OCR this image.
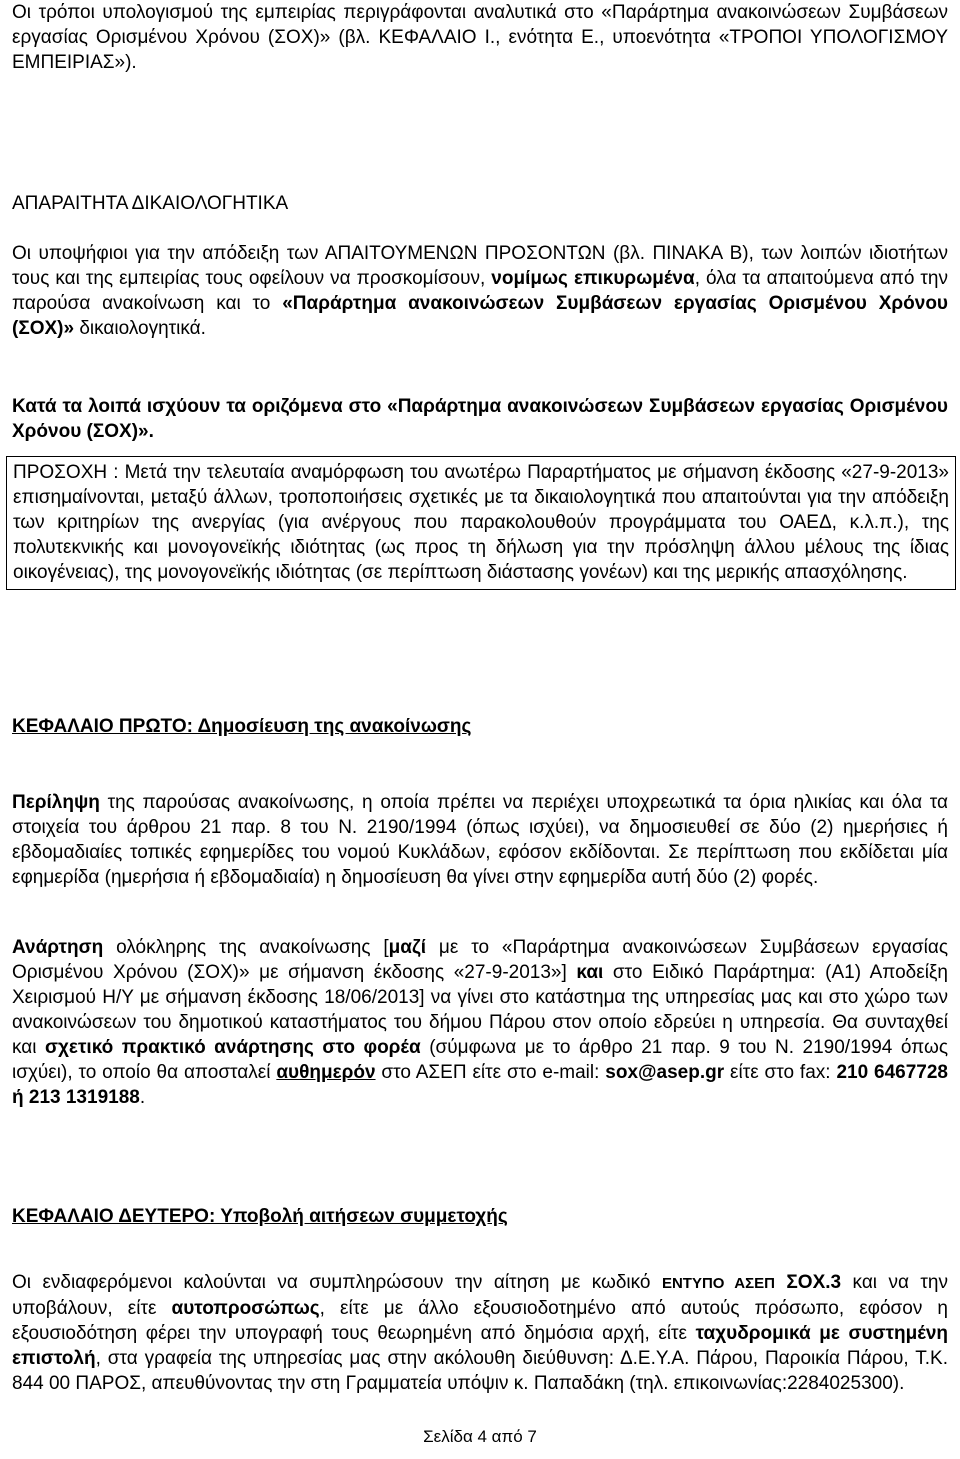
Οι τρόποι υπολογισμού της εμπειρίας περιγράφονται αναλυτικά στο «Παράρτημα ανακοινώσεων Συμβάσεων εργασίας Ορισμένου Χρόνου (ΣΟΧ)» (βλ. ΚΕΦΑΛΑΙΟ Ι., ενότητα Ε., υποενότητα «ΤΡΟΠΟΙ ΥΠΟΛΟΓΙΣΜΟΥ ΕΜΠΕΙΡΙΑΣ»).

ΑΠΑΡΑΙΤΗΤΑ ΔΙΚΑΙΟΛΟΓΗΤΙΚΑ

Οι υποψήφιοι για την απόδειξη των ΑΠΑΙΤΟΥΜΕΝΩΝ ΠΡΟΣΟΝΤΩΝ (βλ. ΠΙΝΑΚΑ Β), των λοιπών ιδιοτήτων τους και της εμπειρίας τους οφείλουν να προσκομίσουν, νομίμως επικυρωμένα, όλα τα απαιτούμενα από την παρούσα ανακοίνωση και το «Παράρτημα ανακοινώσεων Συμβάσεων εργασίας Ορισμένου Χρόνου (ΣΟΧ)» δικαιολογητικά.

Κατά τα λοιπά ισχύουν τα οριζόμενα στο «Παράρτημα ανακοινώσεων Συμβάσεων εργασίας Ορισμένου Χρόνου (ΣΟΧ)».

ΠΡΟΣΟΧΗ : Μετά την τελευταία αναμόρφωση του ανωτέρω Παραρτήματος με σήμανση έκδοσης «27-9-2013» επισημαίνονται, μεταξύ άλλων, τροποποιήσεις σχετικές με τα δικαιολογητικά που απαιτούνται για την απόδειξη των κριτηρίων της ανεργίας (για ανέργους που παρακολουθούν προγράμματα του ΟΑΕΔ, κ.λ.π.), της πολυτεκνικής και μονογονεϊκής ιδιότητας (ως προς τη δήλωση για την πρόσληψη άλλου μέλους της ίδιας οικογένειας), της μονογονεϊκής ιδιότητας (σε περίπτωση διάστασης γονέων) και της μερικής απασχόλησης.

ΚΕΦΑΛΑΙΟ ΠΡΩΤΟ: Δημοσίευση της ανακοίνωσης

Περίληψη της παρούσας ανακοίνωσης, η οποία πρέπει να περιέχει υποχρεωτικά τα όρια ηλικίας και όλα τα στοιχεία του άρθρου 21 παρ. 8 του Ν. 2190/1994 (όπως ισχύει), να δημοσιευθεί σε δύο (2) ημερήσιες ή εβδομαδιαίες τοπικές εφημερίδες του νομού Κυκλάδων, εφόσον εκδίδονται. Σε περίπτωση που εκδίδεται μία εφημερίδα (ημερήσια ή εβδομαδιαία) η δημοσίευση θα γίνει στην εφημερίδα αυτή δύο (2) φορές.

Ανάρτηση ολόκληρης της ανακοίνωσης [μαζί με το «Παράρτημα ανακοινώσεων Συμβάσεων εργασίας Ορισμένου Χρόνου (ΣΟΧ)» με σήμανση έκδοσης «27-9-2013»] και στο Ειδικό Παράρτημα: (Α1) Αποδείξη Χειρισμού Η/Υ με σήμανση έκδοσης 18/06/2013] να γίνει στο κατάστημα της υπηρεσίας μας και στο χώρο των ανακοινώσεων του δημοτικού καταστήματος του δήμου Πάρου στον οποίο εδρεύει η υπηρεσία. Θα συνταχθεί και σχετικό πρακτικό ανάρτησης στο φορέα (σύμφωνα με το άρθρο 21 παρ. 9 του Ν. 2190/1994 όπως ισχύει), το οποίο θα αποσταλεί αυθημερόν στο ΑΣΕΠ είτε στο e-mail: sox@asep.gr είτε στο fax: 210 6467728 ή 213 1319188.

ΚΕΦΑΛΑΙΟ ΔΕΥΤΕΡΟ: Υποβολή αιτήσεων συμμετοχής

Οι ενδιαφερόμενοι καλούνται να συμπληρώσουν την αίτηση με κωδικό ΕΝΤΥΠΟ ΑΣΕΠ ΣΟΧ.3 και να την υποβάλουν, είτε αυτοπροσώπως, είτε με άλλο εξουσιοδοτημένο από αυτούς πρόσωπο, εφόσον η εξουσιοδότηση φέρει την υπογραφή τους θεωρημένη από δημόσια αρχή, είτε ταχυδρομικά με συστημένη επιστολή, στα γραφεία της υπηρεσίας μας στην ακόλουθη διεύθυνση: Δ.Ε.Υ.Α. Πάρου, Παροικία Πάρου, Τ.Κ. 844 00 ΠΑΡΟΣ, απευθύνοντας την στη Γραμματεία υπόψιν κ. Παπαδάκη (τηλ. επικοινωνίας:2284025300).

Σελίδα 4 από 7
